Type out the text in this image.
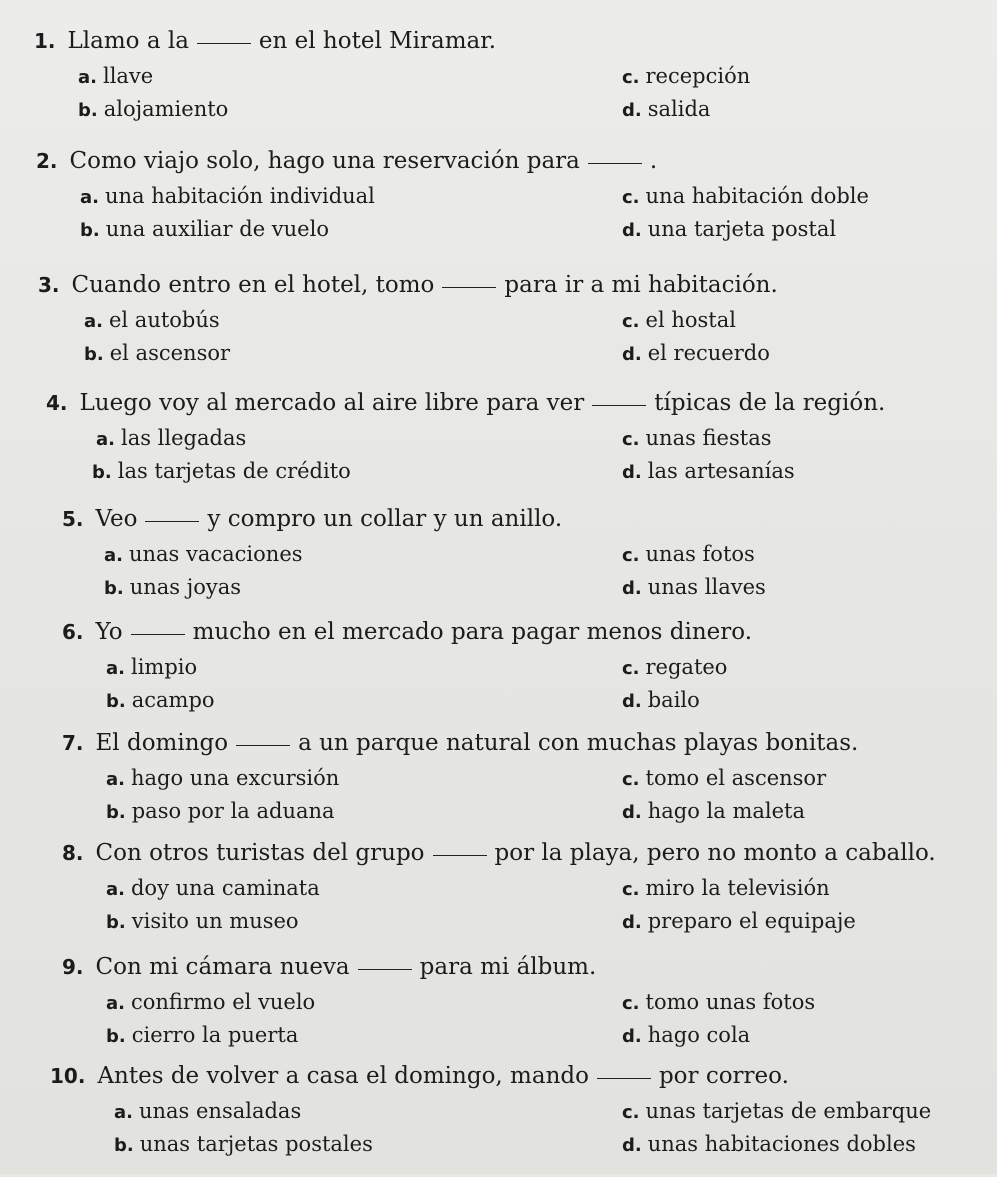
1. Llamo a la	en el hotel Miramar.
a. llave
b. alojamiento
c. recepción
d. salida
2. Como viajo solo, hago una reservación para	.
a. una habitación individual
b. una auxiliar de vuelo
c. una habitación doble
d. una tarjeta postal
3. Cuando entro en el hotel, tomo	para ir a mi habitación.
a. el autobús
b. el ascensor
c. el hostal
d. el recuerdo
4. Luego voy al mercado al aire libre para ver	típicas de la región.
a. las llegadas
b. las tarjetas de crédito
c. unas fiestas
d. las artesanías
5. Veo	y compro un collar y un anillo.
a. unas vacaciones
b. unas joyas
c. unas fotos
d. unas llaves
6. Yo	mucho en el mercado para pagar menos dinero.
a. limpio
b. acampo
c. regateo
d. bailo
7. El domingo	a un parque natural con muchas playas bonitas.
a. hago una excursión
b. paso por la aduana
c. tomo el ascensor
d. hago la maleta
8. Con otros turistas del grupo	por la playa, pero no monto a caballo.
a. doy una caminata
b. visito un museo
c. miro la televisión
d. preparo el equipaje
9. Con mi cámara nueva	para mi álbum.
a. confirmo el vuelo
b. cierro la puerta
c. tomo unas fotos
d. hago cola
10. Antes de volver a casa el domingo, mando	por correo.
a. unas ensaladas
b. unas tarjetas postales
c. unas tarjetas de embarque
d. unas habitaciones dobles
